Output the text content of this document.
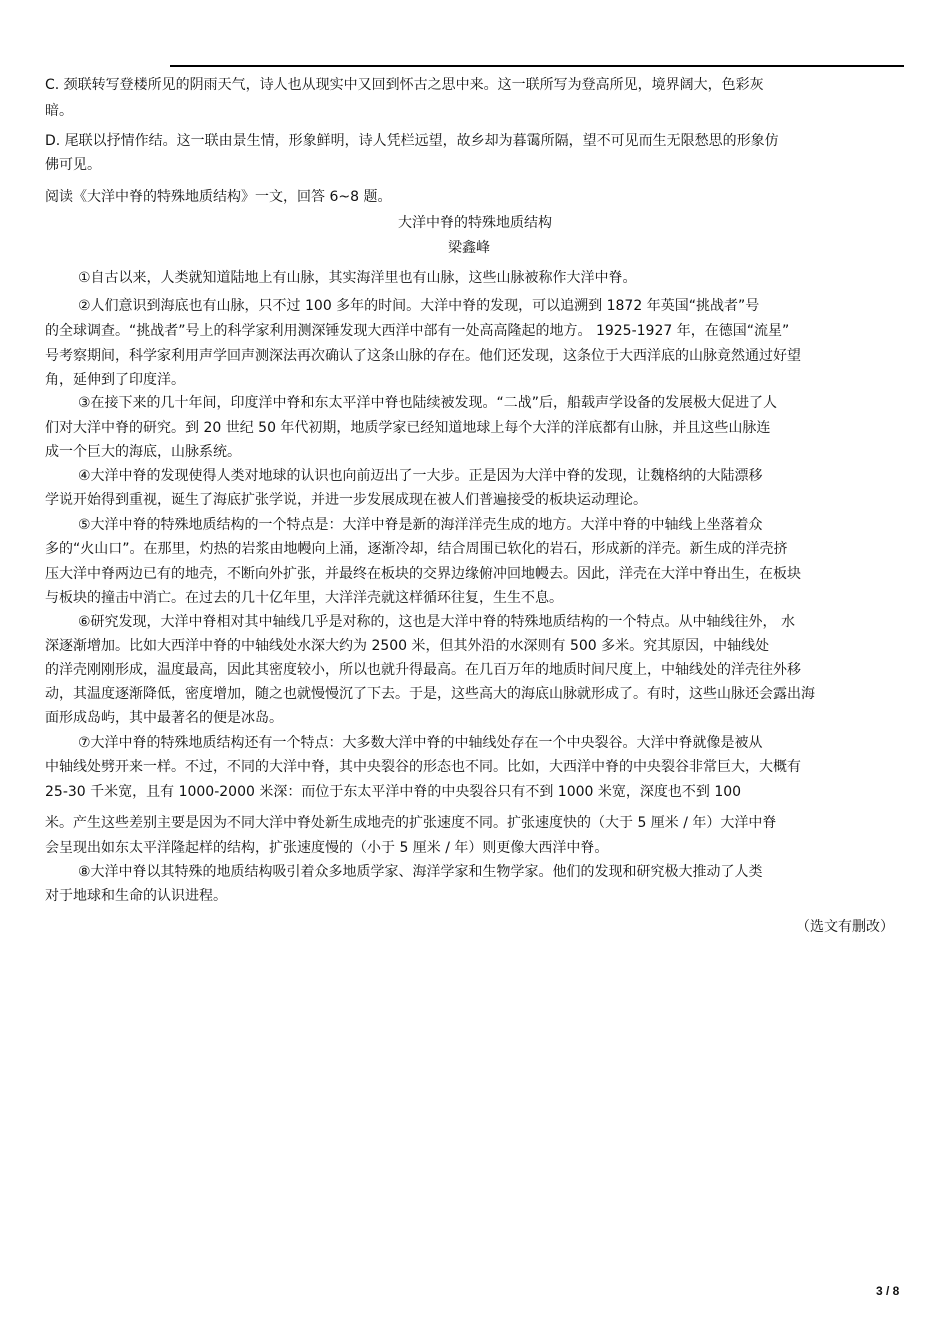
C. 颈联转写登楼所见的阴雨天气，诗人也从现实中又回到怀古之思中来。这一联所写为登高所见，境界阔大，色彩灰
暗。
D. 尾联以抒情作结。这一联由景生情，形象鲜明，诗人凭栏远望，故乡却为暮霭所隔，望不可见而生无限愁思的形象仿
佛可见。
阅读《大洋中脊的特殊地质结构》一文，回答 6~8 题。
大洋中脊的特殊地质结构
梁鑫峰
①自古以来，人类就知道陆地上有山脉，其实海洋里也有山脉，这些山脉被称作大洋中脊。
②人们意识到海底也有山脉，只不过 100 多年的时间。大洋中脊的发现，可以追溯到 1872 年英国“挑战者”号
的全球调查。“挑战者”号上的科学家利用测深锤发现大西洋中部有一处高高隆起的地方。 1925-1927 年，在德国“流星”
号考察期间，科学家利用声学回声测深法再次确认了这条山脉的存在。他们还发现，这条位于大西洋底的山脉竟然通过好望
角，延伸到了印度洋。
③在接下来的几十年间，印度洋中脊和东太平洋中脊也陆续被发现。“二战”后，船载声学设备的发展极大促进了人
们对大洋中脊的研究。到 20 世纪 50 年代初期，地质学家已经知道地球上每个大洋的洋底都有山脉，并且这些山脉连
成一个巨大的海底，山脉系统。
④大洋中脊的发现使得人类对地球的认识也向前迈出了一大步。正是因为大洋中脊的发现，让魏格纳的大陆漂移
学说开始得到重视，诞生了海底扩张学说，并进一步发展成现在被人们普遍接受的板块运动理论。
⑤大洋中脊的特殊地质结构的一个特点是：大洋中脊是新的海洋洋壳生成的地方。大洋中脊的中轴线上坐落着众
多的“火山口”。在那里，灼热的岩浆由地幔向上涌，逐渐冷却，结合周围已软化的岩石，形成新的洋壳。新生成的洋壳挤
压大洋中脊两边已有的地壳，不断向外扩张，并最终在板块的交界边缘俯冲回地幔去。因此，洋壳在大洋中脊出生，在板块
与板块的撞击中消亡。在过去的几十亿年里，大洋洋壳就这样循环往复，生生不息。
⑥研究发现，大洋中脊相对其中轴线几乎是对称的，这也是大洋中脊的特殊地质结构的一个特点。从中轴线往外， 水
深逐渐增加。比如大西洋中脊的中轴线处水深大约为 2500 米，但其外沿的水深则有 500 多米。究其原因，中轴线处
的洋壳刚刚形成，温度最高，因此其密度较小，所以也就升得最高。在几百万年的地质时间尺度上，中轴线处的洋壳往外移
动，其温度逐渐降低，密度增加，随之也就慢慢沉了下去。于是，这些高大的海底山脉就形成了。有时，这些山脉还会露出海
面形成岛屿，其中最著名的便是冰岛。
⑦大洋中脊的特殊地质结构还有一个特点：大多数大洋中脊的中轴线处存在一个中央裂谷。大洋中脊就像是被从
中轴线处劈开来一样。不过，不同的大洋中脊，其中央裂谷的形态也不同。比如，大西洋中脊的中央裂谷非常巨大，大概有
25-30 千米宽，且有 1000-2000 米深：而位于东太平洋中脊的中央裂谷只有不到 1000 米宽，深度也不到 100
米。产生这些差别主要是因为不同大洋中脊处新生成地壳的扩张速度不同。扩张速度快的（大于 5 厘米 / 年）大洋中脊
会呈现出如东太平洋隆起样的结构，扩张速度慢的（小于 5 厘米 / 年）则更像大西洋中脊。
⑧大洋中脊以其特殊的地质结构吸引着众多地质学家、海洋学家和生物学家。他们的发现和研究极大推动了人类
对于地球和生命的认识进程。
（选文有删改）
3 / 8
